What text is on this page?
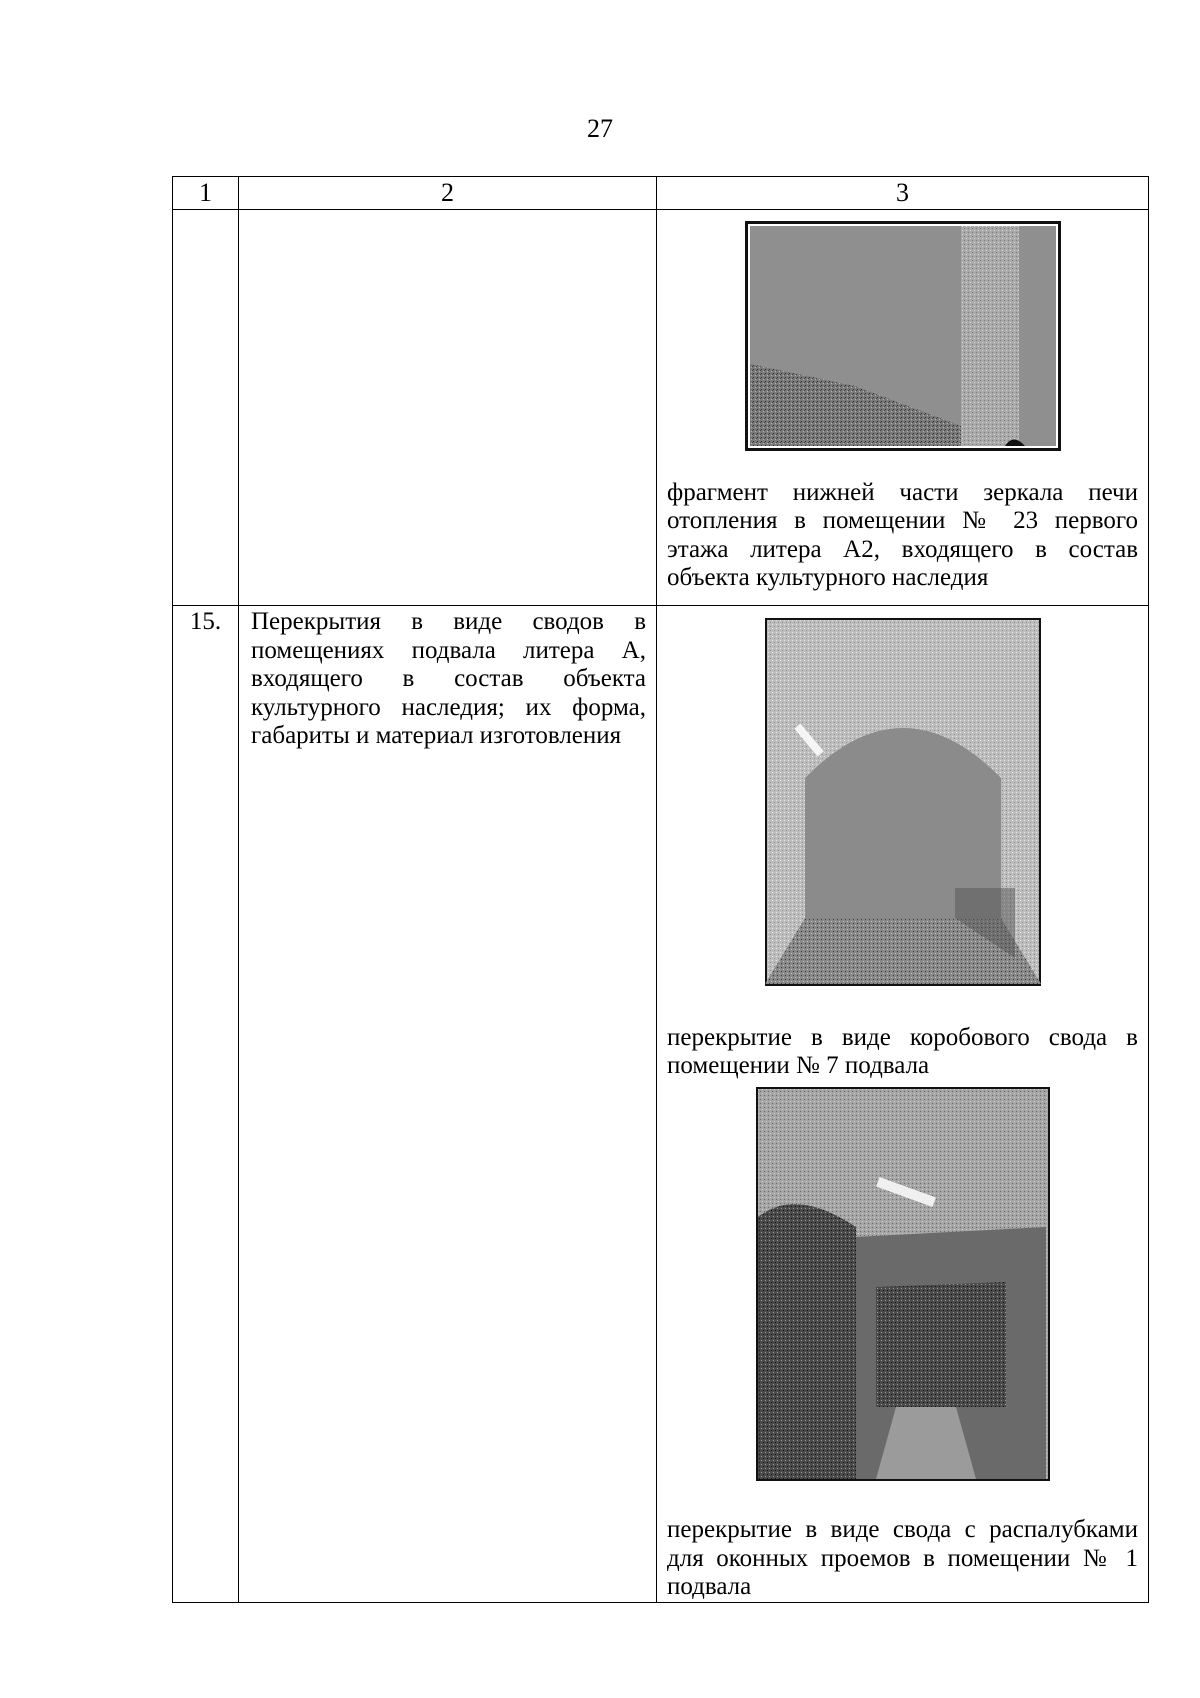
27
1	2	3

		фрагмент нижней части зеркала печи отопления в помещении № 23 первого этажа литера А2, входящего в состав объекта культурного наследия

15.	Перекрытия в виде сводов в помещениях подвала литера А, входящего в состав объекта культурного наследия; их форма, габариты и материал изготовления	перекрытие в виде коробового свода в помещении № 7 подвала
перекрытие в виде свода с распалубками для оконных проемов в помещении № 1 подвала
